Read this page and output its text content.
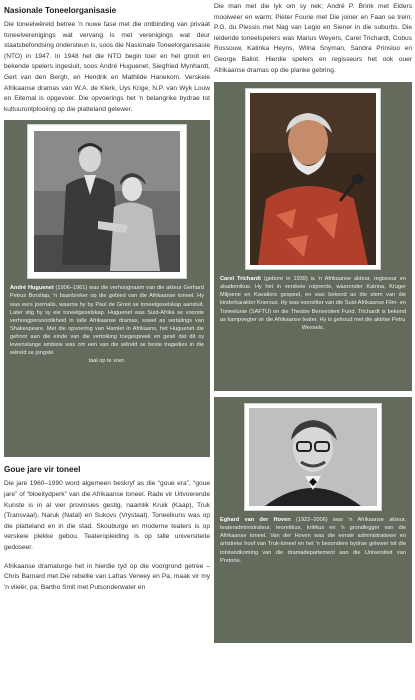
Nasionale Toneelorganisasie

Die toneelwêreld betree 'n nuwe fase met die ontbinding van privaat toneelverenigings wat vervang is met verenigings wat deur staatsbefondsing ondersteun is, soos die Nasionale Toneelorganisasie (NTO) in 1947. In 1948 het die NTO begin toer en het groot en bekende spelers ingesluit, soos André Huguenet, Siegfried Mynhardt, Gert van den Bergh, en Hendrik en Mathilde Hanekom. Verskeie Afrikaanse dramas van W.A. de Klerk, Uys Krige, N.P. van Wyk Louw en Eitemal is opgevoer. Die opvoerings het 'n belangrike bydrae tot kultuurontplooiing op die platteland gelewer.

André Huguenet (1906–1961) was die verhoognaam van die akteur Gerhard Petrus Borstlap, 'n baanbreker op die gebied van die Afrikaanse toneel. Hy was eers joernalis, waarna hy by Paul de Groot se toneelgeselskap aansluit. Later stig hy sy eie toneelgeselskap. Huguenet was Suid-Afrika se voorste verhoogpersoonlikheid in talle Afrikaanse dramas, sowel as vertalings van Shakespeare. Met die opvoering van Hamlet in Afrikaans, het Huguenet die gehoor aan die einde van die vertolking toegespreek en gesê dat dit sy lewenslange ambisie was om een van die wêreld se beste tragedies in die wêreld se jongste
taal op te voer.

Goue jare vir toneel

Die jare 1960–1990 word algemeen beskryf as die “goue era”, “goue jare” of “bloeitydperk” van die Afrikaanse toneel. Rade vir Uitvoerende Kunste is in al vier provinsies gestig, naamlik Kruik (Kaap), Truk (Transvaal), Naruk (Natal) en Sukovs (Vrystaat). Toneelkuns was op die platteland en in die stad. Skouburge en moderne teaters is op verskeie plekke gebou. Teateropleiding is op talle universiteite gedoseer.

Afrikaanse dramaturge het in hierdie tyd op die voorgrond getree – Chris Barnard met Die rebellie van Lafras Verwey en Pa, maak vir my 'n vlieër, pa; Bartho Smit met Putsonderwater en

Die man met die lyk om sy nek; André P. Brink met Elders mooiweer en warm; Pieter Fourie met Die joiner en Faan se trein; P.G. du Plessis met Nag van Legio en Siener in die suburbs. Die leidende toneelspelers was Marius Weyers, Carel Trichardt, Cobus Rossouw, Katinka Heyns, Wilna Snyman, Sandra Prinsloo en George Ballot. Hierdie spelers en regisseurs het ook ouer Afrikaanse dramas op die planke gebring.

Carel Trichardt (gebore in 1939) is 'n Afrikaanse akteur, regisseur en akademikus. Hy het in verskeie rolprente, waaronder Katrina, Kruger Miljoene en Kavaliers gespeel, en was bekend as die stem van die kinderkarakter Knersus. Hy was voorsitter van die Suid-Afrikaanse Film- en Toneelunie (SAFTU) en die Theatre Benevolent Fund. Trichardt is bekend as kampvegter vir die Afrikaanse teater. Hy is getroud met die aktrise Petru
Wessels.

Eghard van der Hoven (1922–2006) was 'n Afrikaanse akteur, teateradministrateur, teoretikus, kritikus en 'n grondlegger van die Afrikaanse toneel. Van der Hoven was die eerste administratiewe en artistieke hoof van Truk-toneel en het 'n besondere bydrae gelewer tot die totstandkoming van die dramadepartement aan die Universiteit van Pretoria.
